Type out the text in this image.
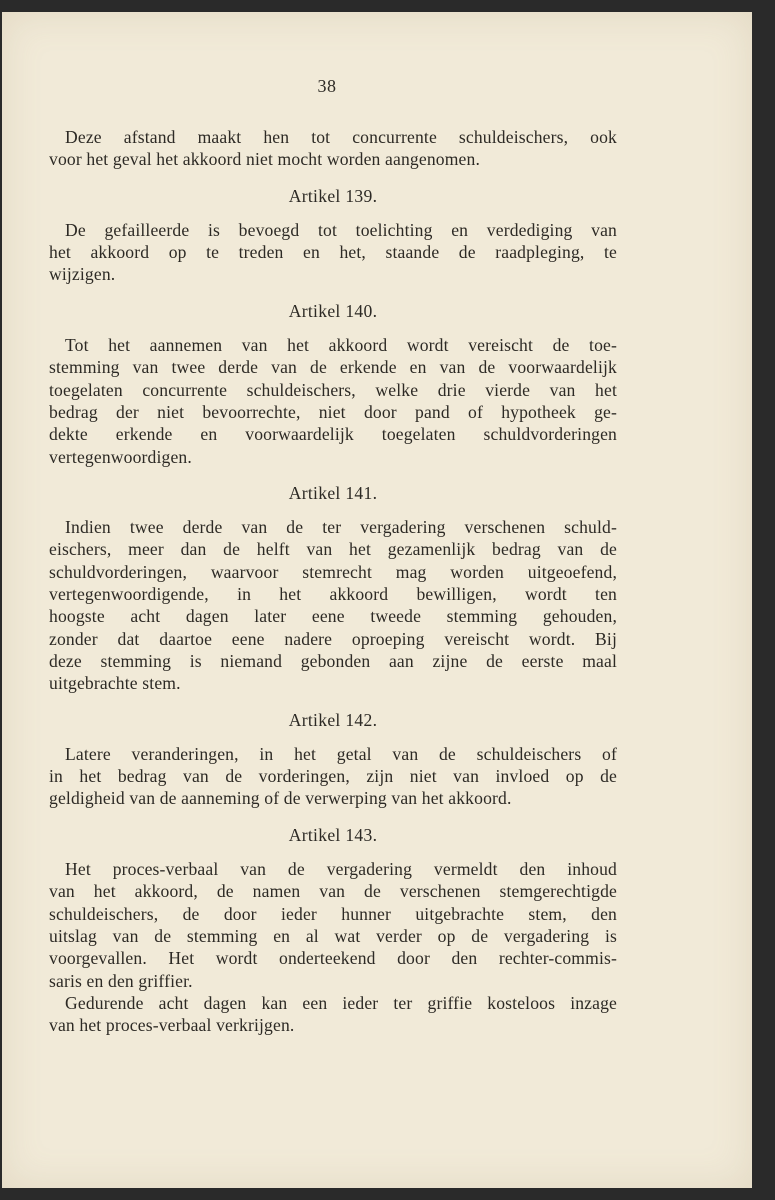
38
Deze afstand maakt hen tot concurrente schuldeischers, ook
voor het geval het akkoord niet mocht worden aangenomen.
Artikel 139.
De gefailleerde is bevoegd tot toelichting en verdediging van
het akkoord op te treden en het, staande de raadpleging, te
wijzigen.
Artikel 140.
Tot het aannemen van het akkoord wordt vereischt de toe-
stemming van twee derde van de erkende en van de voorwaardelijk
toegelaten concurrente schuldeischers, welke drie vierde van het
bedrag der niet bevoorrechte, niet door pand of hypotheek ge-
dekte erkende en voorwaardelijk toegelaten schuldvorderingen
vertegenwoordigen.
Artikel 141.
Indien twee derde van de ter vergadering verschenen schuld-
eischers, meer dan de helft van het gezamenlijk bedrag van de
schuldvorderingen, waarvoor stemrecht mag worden uitgeoefend,
vertegenwoordigende, in het akkoord bewilligen, wordt ten
hoogste acht dagen later eene tweede stemming gehouden,
zonder dat daartoe eene nadere oproeping vereischt wordt. Bij
deze stemming is niemand gebonden aan zijne de eerste maal
uitgebrachte stem.
Artikel 142.
Latere veranderingen, in het getal van de schuldeischers of
in het bedrag van de vorderingen, zijn niet van invloed op de
geldigheid van de aanneming of de verwerping van het akkoord.
Artikel 143.
Het proces-verbaal van de vergadering vermeldt den inhoud
van het akkoord, de namen van de verschenen stemgerechtigde
schuldeischers, de door ieder hunner uitgebrachte stem, den
uitslag van de stemming en al wat verder op de vergadering is
voorgevallen. Het wordt onderteekend door den rechter-commis-
saris en den griffier.
Gedurende acht dagen kan een ieder ter griffie kosteloos inzage
van het proces-verbaal verkrijgen.
